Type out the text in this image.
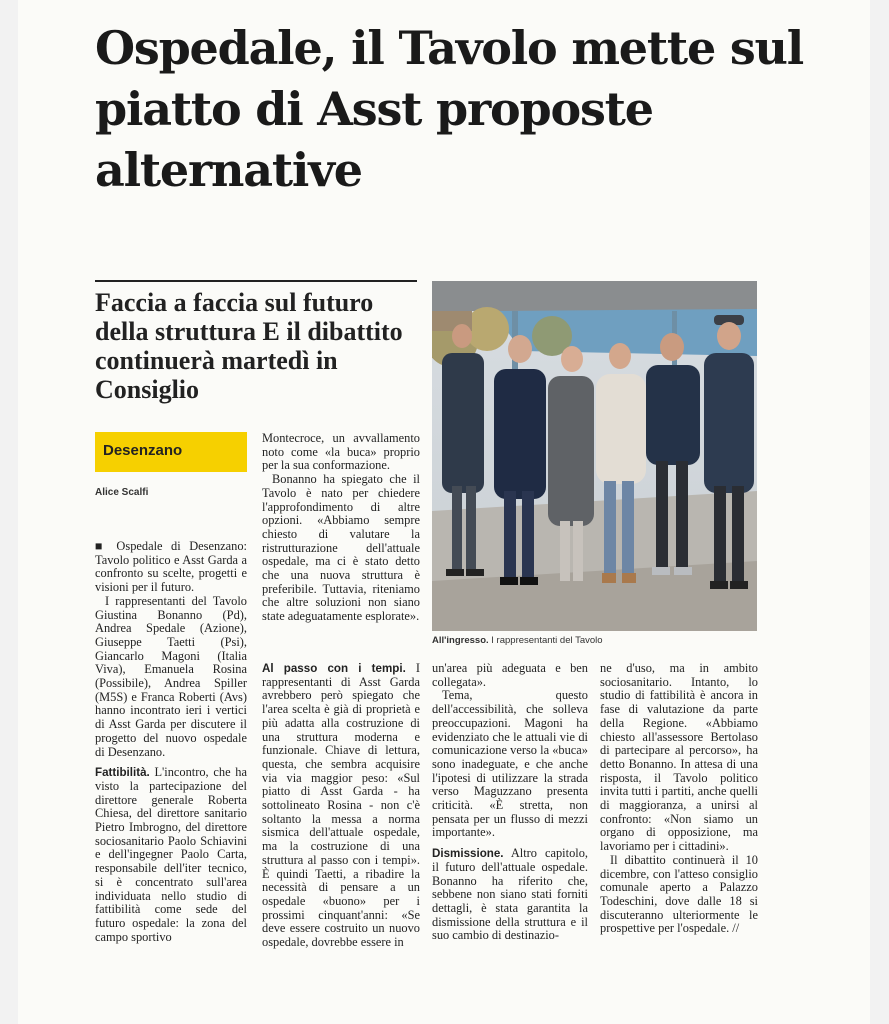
Ospedale, il Tavolo mette sul piatto di Asst proposte alternative
Faccia a faccia sul futuro della struttura E il dibattito continuerà martedì in Consiglio
Desenzano
Alice Scalfi
All'ingresso. I rappresentanti del Tavolo

■ Ospedale di Desenzano: Tavolo politico e Asst Garda a confronto su scelte, progetti e visioni per il futuro.

I rappresentanti del Tavolo Giustina Bonanno (Pd), Andrea Spedale (Azione), Giuseppe Taetti (Psi), Giancarlo Magoni (Italia Viva), Emanuela Rosina (Possibile), Andrea Spiller (M5S) e Franca Roberti (Avs) hanno incontrato ieri i vertici di Asst Garda per discutere il progetto del nuovo ospedale di Desenzano.

Fattibilità. L'incontro, che ha visto la partecipazione del direttore generale Roberta Chiesa, del direttore sanitario Pietro Imbrogno, del direttore sociosanitario Paolo Schiavini e dell'ingegner Paolo Carta, responsabile dell'iter tecnico, si è concentrato sull'area individuata nello studio di fattibilità come sede del futuro ospedale: la zona del campo sportivo

Montecroce, un avvallamento noto come «la buca» proprio per la sua conformazione.

Bonanno ha spiegato che il Tavolo è nato per chiedere l'approfondimento di altre opzioni. «Abbiamo sempre chiesto di valutare la ristrutturazione dell'attuale ospedale, ma ci è stato detto che una nuova struttura è preferibile. Tuttavia, riteniamo che altre soluzioni non siano state adeguatamente esplorate».

Al passo con i tempi. I rappresentanti di Asst Garda avrebbero però spiegato che l'area scelta è già di proprietà e più adatta alla costruzione di una struttura moderna e funzionale. Chiave di lettura, questa, che sembra acquisire via via maggior peso: «Sul piatto di Asst Garda - ha sottolineato Rosina - non c'è soltanto la messa a norma sismica dell'attuale ospedale, ma la costruzione di una struttura al passo con i tempi». È quindi Taetti, a ribadire la necessità di pensare a un ospedale «buono» per i prossimi cinquant'anni: «Se deve essere costruito un nuovo ospedale, dovrebbe essere in

un'area più adeguata e ben collegata».

Tema, questo dell'accessibilità, che solleva preoccupazioni. Magoni ha evidenziato che le attuali vie di comunicazione verso la «buca» sono inadeguate, e che anche l'ipotesi di utilizzare la strada verso Maguzzano presenta criticità. «È stretta, non pensata per un flusso di mezzi importante».

Dismissione. Altro capitolo, il futuro dell'attuale ospedale. Bonanno ha riferito che, sebbene non siano stati forniti dettagli, è stata garantita la dismissione della struttura e il suo cambio di destinazio-

ne d'uso, ma in ambito sociosanitario. Intanto, lo studio di fattibilità è ancora in fase di valutazione da parte della Regione. «Abbiamo chiesto all'assessore Bertolaso di partecipare al percorso», ha detto Bonanno. In attesa di una risposta, il Tavolo politico invita tutti i partiti, anche quelli di maggioranza, a unirsi al confronto: «Non siamo un organo di opposizione, ma lavoriamo per i cittadini».

Il dibattito continuerà il 10 dicembre, con l'atteso consiglio comunale aperto a Palazzo Todeschini, dove dalle 18 si discuteranno ulteriormente le prospettive per l'ospedale. //
